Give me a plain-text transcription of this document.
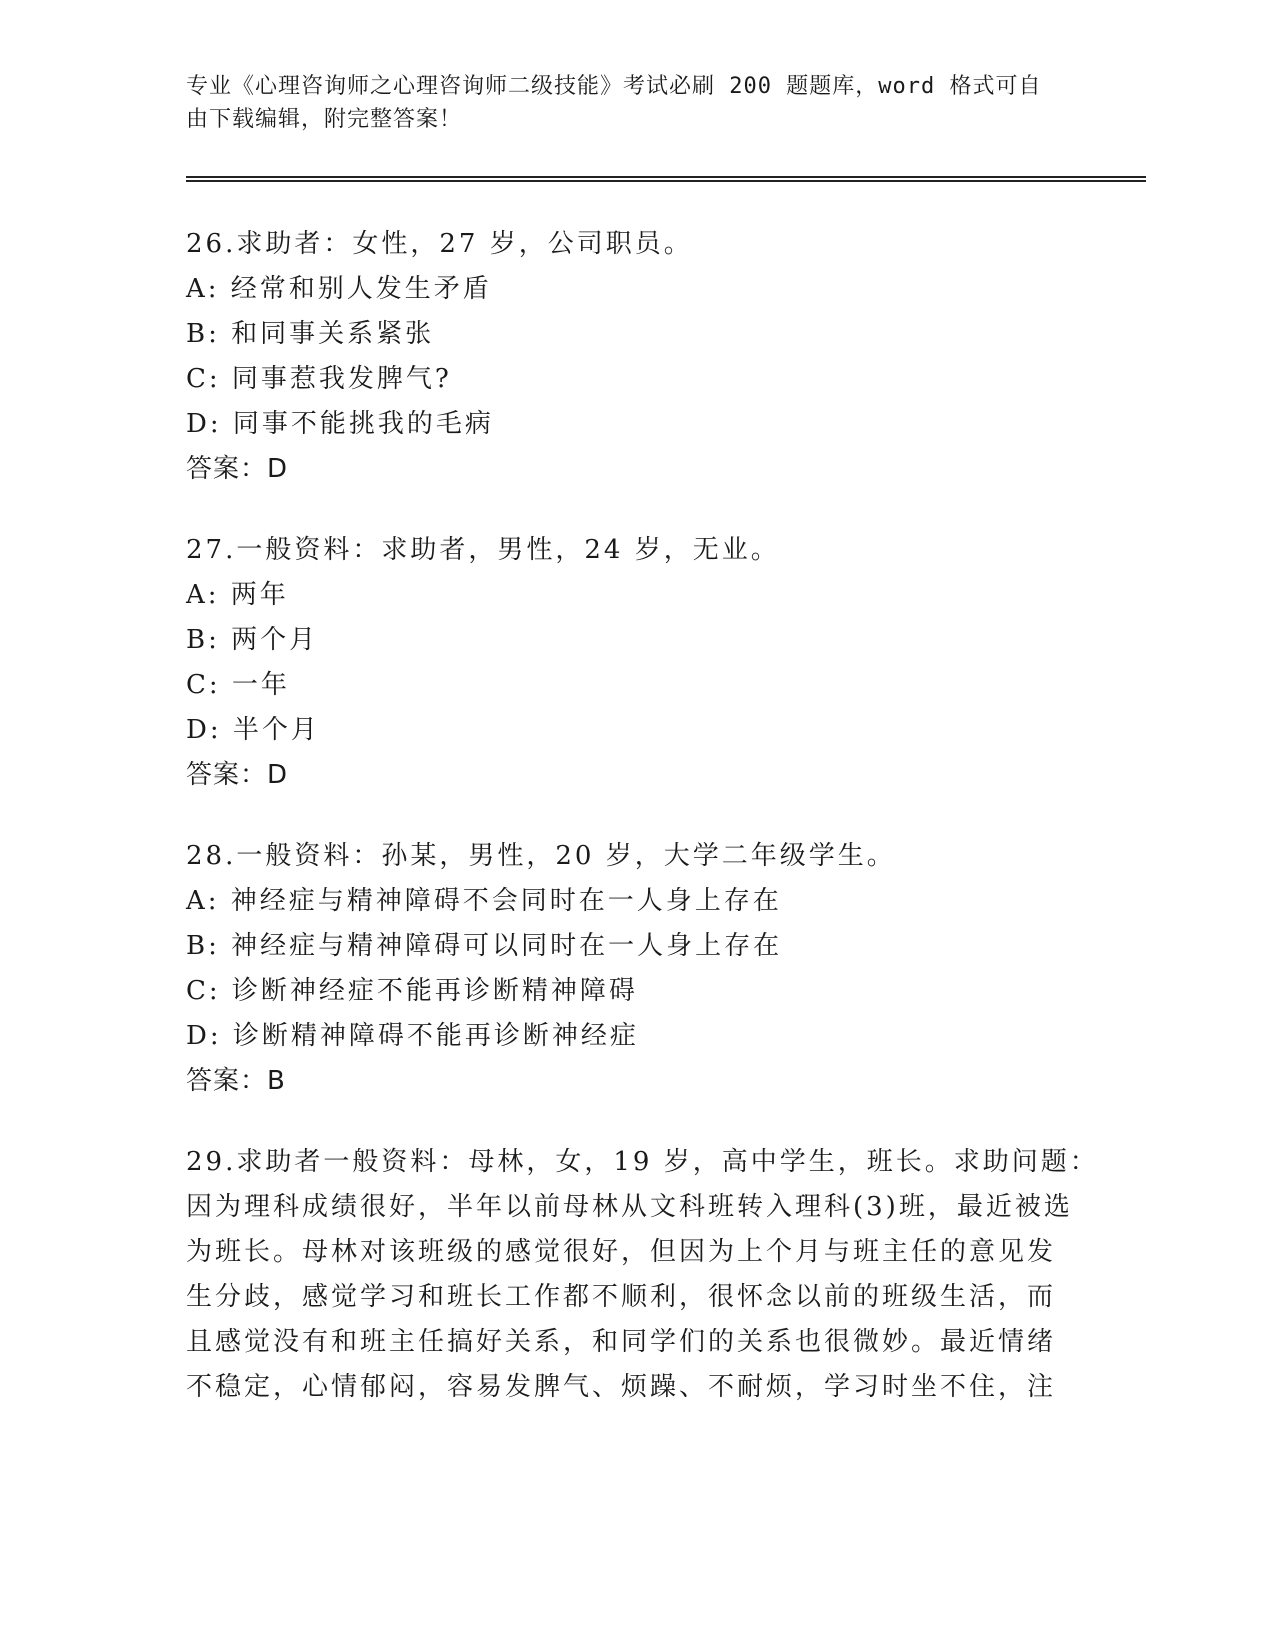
专业《心理咨询师之心理咨询师二级技能》考试必刷 200 题题库，word 格式可自
由下载编辑，附完整答案！
26.求助者：女性，27 岁，公司职员。
A: 经常和别人发生矛盾
B: 和同事关系紧张
C: 同事惹我发脾气?
D: 同事不能挑我的毛病
答案：D
27.一般资料：求助者，男性，24 岁，无业。
A: 两年
B: 两个月
C: 一年
D: 半个月
答案：D
28.一般资料：孙某，男性，20 岁，大学二年级学生。
A: 神经症与精神障碍不会同时在一人身上存在
B: 神经症与精神障碍可以同时在一人身上存在
C: 诊断神经症不能再诊断精神障碍
D: 诊断精神障碍不能再诊断神经症
答案：B
29.求助者一般资料：母林，女，19 岁，高中学生，班长。求助问题：
因为理科成绩很好，半年以前母林从文科班转入理科(3)班，最近被选
为班长。母林对该班级的感觉很好，但因为上个月与班主任的意见发
生分歧，感觉学习和班长工作都不顺利，很怀念以前的班级生活，而
且感觉没有和班主任搞好关系，和同学们的关系也很微妙。最近情绪
不稳定，心情郁闷，容易发脾气、烦躁、不耐烦，学习时坐不住，注
